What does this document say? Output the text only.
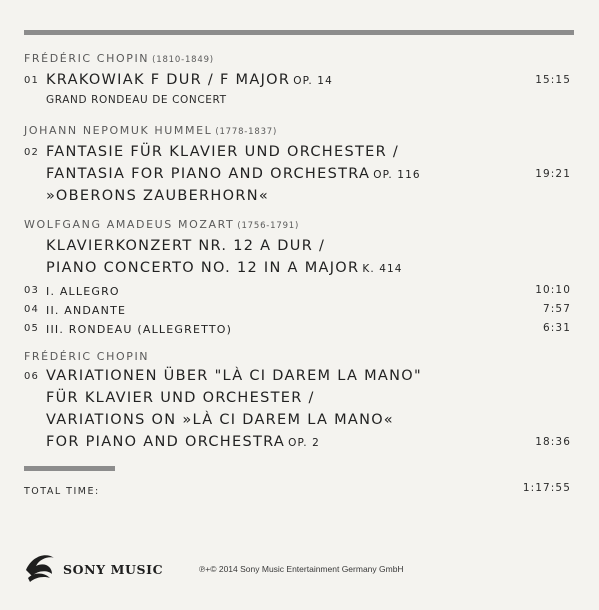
FRÉDÉRIC CHOPIN (1810-1849)
01 KRAKOWIAK F DUR / F MAJOR OP. 14	15:15
GRAND RONDEAU DE CONCERT
JOHANN NEPOMUK HUMMEL (1778-1837)
02 FANTASIE FÜR KLAVIER UND ORCHESTER /
FANTASIA FOR PIANO AND ORCHESTRA OP. 116	19:21
»OBERONS ZAUBERHORN«
WOLFGANG AMADEUS MOZART (1756-1791)
KLAVIERKONZERT NR. 12 A DUR /
PIANO CONCERTO NO. 12 IN A MAJOR K. 414
03 I. ALLEGRO	10:10
04 II. ANDANTE	7:57
05 III. RONDEAU (ALLEGRETTO)	6:31
FRÉDÉRIC CHOPIN
06 VARIATIONEN ÜBER "LÀ CI DAREM LA MANO"
FÜR KLAVIER UND ORCHESTER /
VARIATIONS ON »LÀ CI DAREM LA MANO«
FOR PIANO AND ORCHESTRA OP. 2	18:36
TOTAL TIME:	1:17:55
SONY MUSIC	℗+© 2014 Sony Music Entertainment Germany GmbH
